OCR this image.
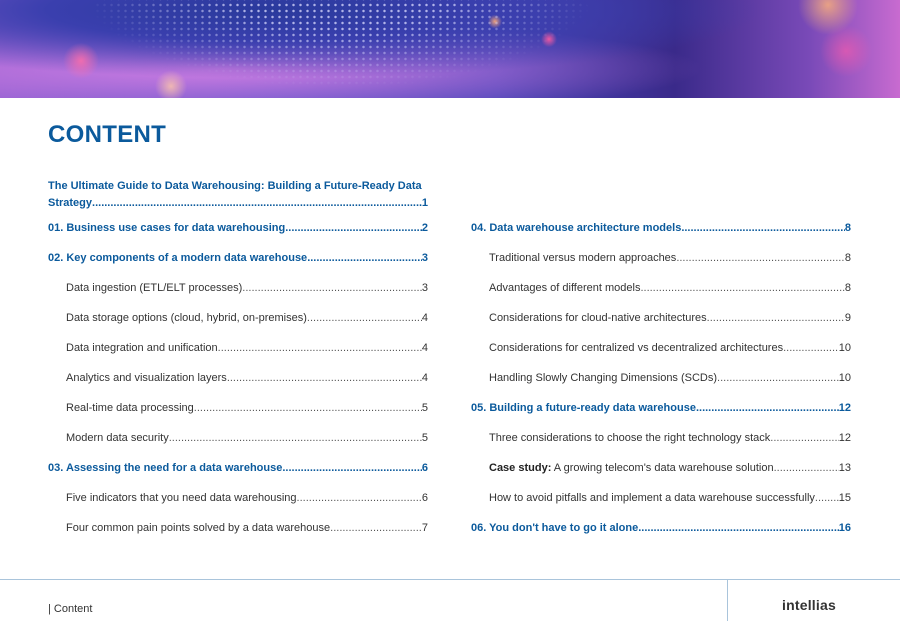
CONTENT
The Ultimate Guide to Data Warehousing: Building a Future-Ready Data
Strategy .....	1
01. Business use cases for data warehousing .....	2
02. Key components of a modern data warehouse .....	3
Data ingestion (ETL/ELT processes) .....	3
Data storage options (cloud, hybrid, on-premises) .....	4
Data integration and unification .....	4
Analytics and visualization layers .....	4
Real-time data processing .....	5
Modern data security .....	5
03. Assessing the need for a data warehouse .....	6
Five indicators that you need data warehousing .....	6
Four common pain points solved by a data warehouse .....	7
04. Data warehouse architecture models .....	8
Traditional versus modern approaches .....	8
Advantages of different models .....	8
Considerations for cloud-native architectures .....	9
Considerations for centralized vs decentralized architectures .....	10
Handling Slowly Changing Dimensions (SCDs) .....	10
05. Building a future-ready data warehouse .....	12
Three considerations to choose the right technology stack .....	12
Case study: A growing telecom's data warehouse solution .....	13
How to avoid pitfalls and implement a data warehouse successfully ..... 15
06. You don't have to go it alone .....	16
| Content	intellias
